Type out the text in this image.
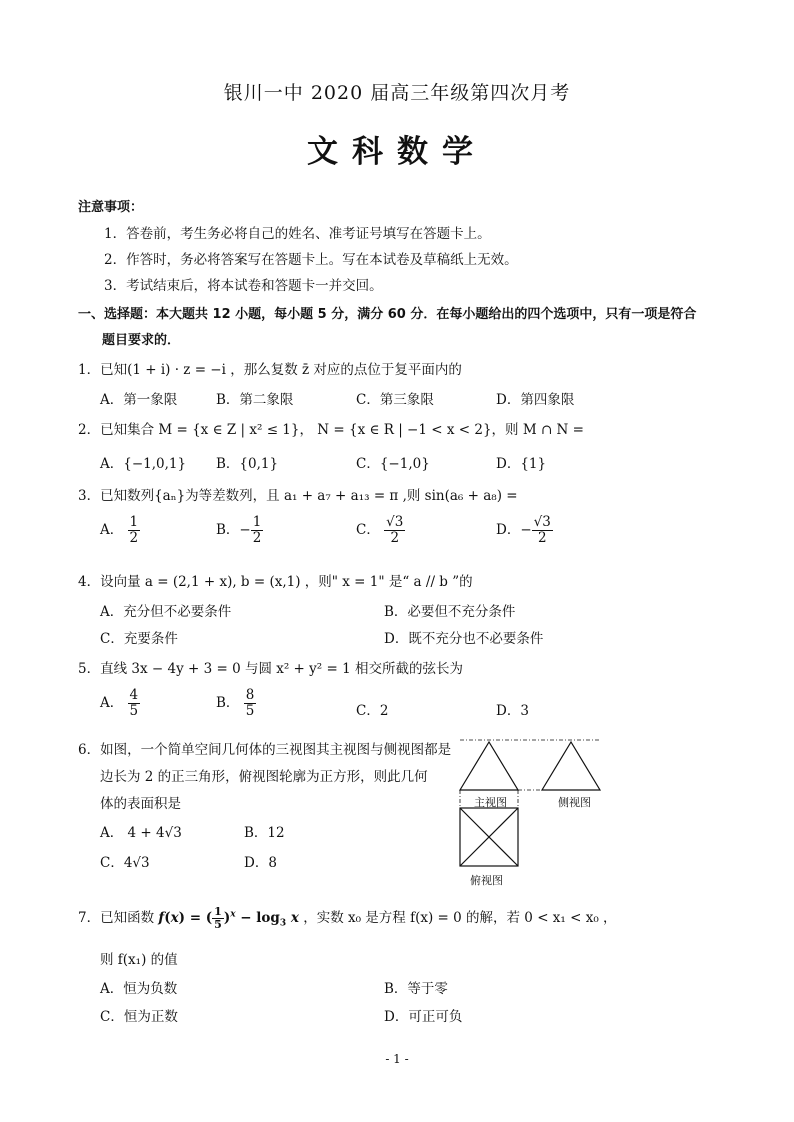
银川一中 2020 届高三年级第四次月考
文科数学
注意事项：
1．答卷前，考生务必将自己的姓名、准考证号填写在答题卡上。
2．作答时，务必将答案写在答题卡上。写在本试卷及草稿纸上无效。
3．考试结束后，将本试卷和答题卡一并交回。
一、选择题：本大题共 12 小题，每小题 5 分，满分 60 分．在每小题给出的四个选项中，只有一项是符合
题目要求的．
1．已知(1 + i) · z = −i ，那么复数 z̄ 对应的点位于复平面内的
A．第一象限	B．第二象限	C．第三象限	D．第四象限
2．已知集合 M = {x ∈ Z | x² ≤ 1}， N = {x ∈ R | −1 < x < 2}，则 M ∩ N =
A．{−1,0,1} B．{0,1}	C．{−1,0}	D．{1}
3．已知数列{aₙ}为等差数列，且 a₁ + a₇ + a₁₃ = π ,则 sin(a₆ + a₈) =
A． $\frac{1}{2}$	B．− $\frac{1}{2}$	C． $\frac{√3}{2}$	D．− $\frac{√3}{2}$
4．设向量 a = (2,1 + x), b = (x,1) ，则" x = 1" 是“ a // b ”的
A．充分但不必要条件	B．必要但不充分条件
C．充要条件	D．既不充分也不必要条件
5．直线 3x − 4y + 3 = 0 与圆 x² + y² = 1 相交所截的弦长为
A． $\frac{4}{5}$	B． $\frac{8}{5}$	C．2	D．3
6．如图，一个简单空间几何体的三视图其主视图与侧视图都是
边长为 2 的正三角形，俯视图轮廓为正方形，则此几何
体的表面积是
A． 4 + 4√3	B．12
C．4√3	D．8
主视图	侧视图
俯视图
7．已知函数 f(x) = ( $\frac{1}{5} )^x - \log_3 x$ ，实数 x₀ 是方程 f(x) = 0 的解，若 0 < x₁ < x₀ ，
则 f(x₁) 的值
A．恒为负数	B．等于零
C．恒为正数	D．可正可负
- 1 -
